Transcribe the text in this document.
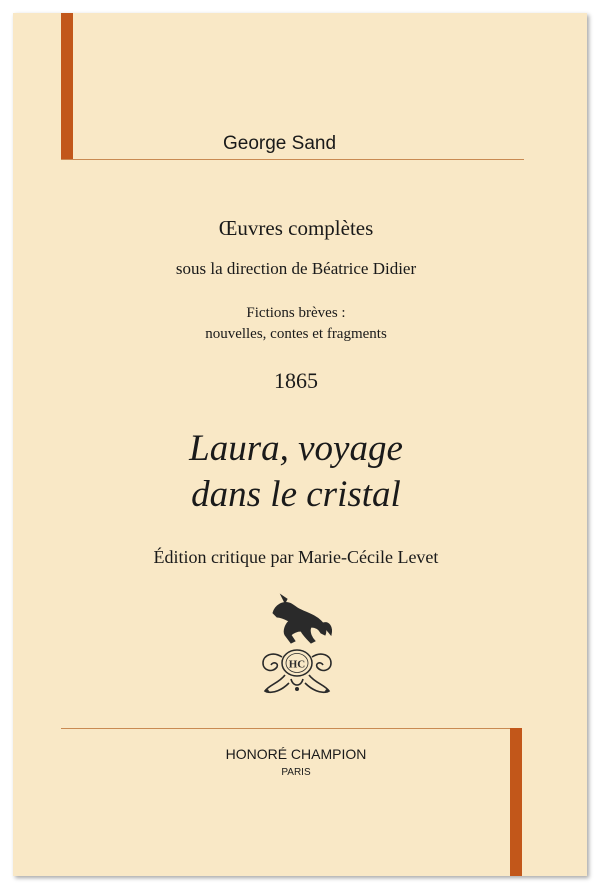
George Sand
Œuvres complètes
sous la direction de Béatrice Didier
Fictions brèves :
nouvelles, contes et fragments
1865
Laura, voyage
dans le cristal
Édition critique par Marie-Cécile Levet
HC
HONORÉ CHAMPION
PARIS
